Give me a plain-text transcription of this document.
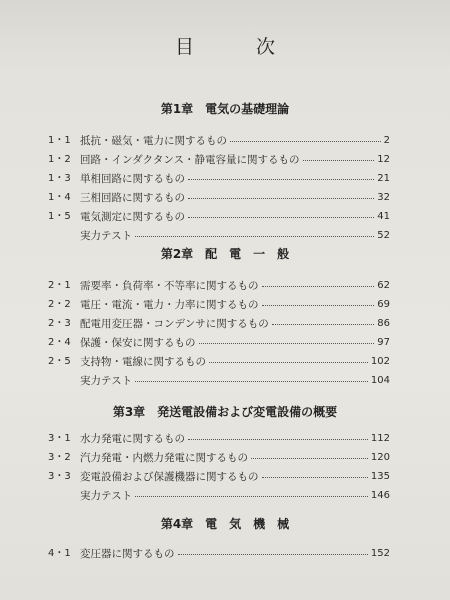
目 次
第1章　電気の基礎理論
1・1 抵抗・磁気・電力に関するもの	2
1・2 回路・インダクタンス・静電容量に関するもの	12
1・3 単相回路に関するもの	21
1・4 三相回路に関するもの	32
1・5 電気測定に関するもの	41
実力テスト	52
第2章　配　電　一　般
2・1 需要率・負荷率・不等率に関するもの	62
2・2 電圧・電流・電力・力率に関するもの	69
2・3 配電用変圧器・コンデンサに関するもの	86
2・4 保護・保安に関するもの	97
2・5 支持物・電線に関するもの	102
実力テスト	104
第3章　発送電設備および変電設備の概要
3・1 水力発電に関するもの	112
3・2 汽力発電・内燃力発電に関するもの	120
3・3 変電設備および保護機器に関するもの	135
実力テスト	146
第4章　電　気　機　械
4・1 変圧器に関するもの	152
